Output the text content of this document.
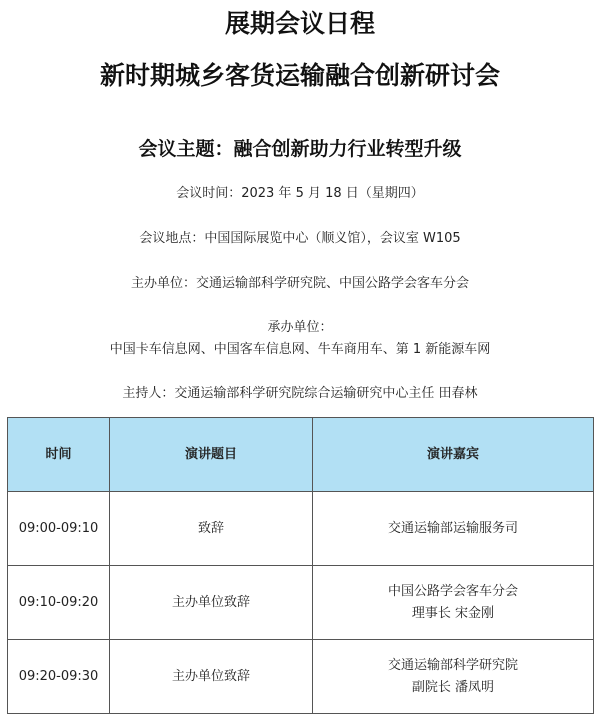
展期会议日程
新时期城乡客货运输融合创新研讨会
会议主题：融合创新助力行业转型升级
会议时间：2023 年 5 月 18 日（星期四）
会议地点：中国国际展览中心（顺义馆），会议室 W105
主办单位：交通运输部科学研究院、中国公路学会客车分会
承办单位：
中国卡车信息网、中国客车信息网、牛车商用车、第 1 新能源车网
主持人：交通运输部科学研究院综合运输研究中心主任 田春林
时间	演讲题目	演讲嘉宾
09:00-09:10	致辞	交通运输部运输服务司

09:10-09:20	主办单位致辞	中国公路学会客车分会
理事长 宋金刚

09:20-09:30	主办单位致辞	交通运输部科学研究院
副院长 潘凤明
